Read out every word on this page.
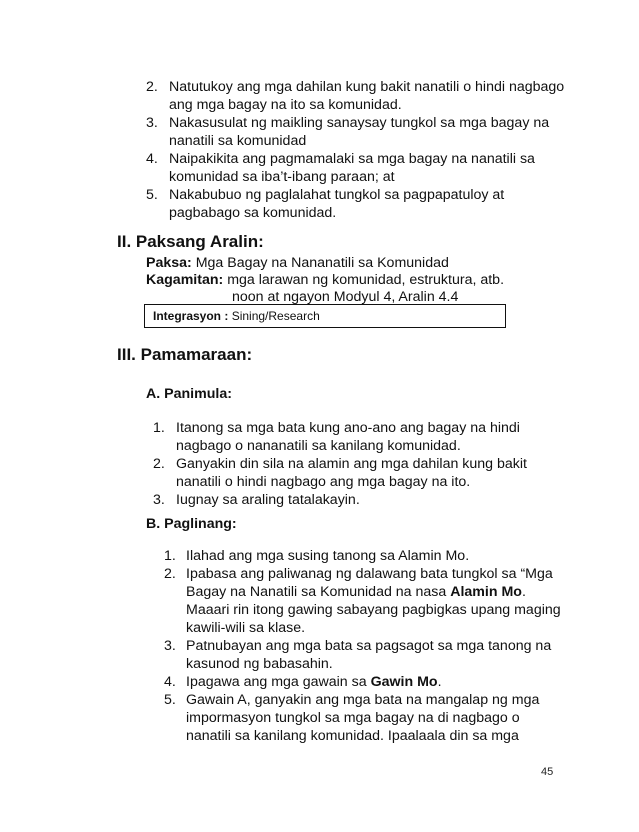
2. Natutukoy ang mga dahilan kung bakit nanatili o hindi nagbago ang mga bagay na ito sa komunidad.
3. Nakasusulat ng maikling sanaysay tungkol sa mga bagay na nanatili sa komunidad
4. Naipakikita ang pagmamalaki sa mga bagay na nanatili sa komunidad sa iba’t-ibang paraan; at
5. Nakabubuo ng paglalahat tungkol sa pagpapatuloy at pagbabago sa komunidad.
II. Paksang Aralin:
Paksa: Mga Bagay na Nananatili sa Komunidad
Kagamitan: mga larawan ng komunidad, estruktura, atb.
noon at ngayon Modyul 4, Aralin 4.4
Integrasyon : Sining/Research
III. Pamamaraan:
A. Panimula:
1. Itanong sa mga bata kung ano-ano ang bagay na hindi nagbago o nananatili sa kanilang komunidad.
2. Ganyakin din sila na alamin ang mga dahilan kung bakit nanatili o hindi nagbago ang mga bagay na ito.
3. Iugnay sa araling tatalakayin.
B. Paglinang:
1. Ilahad ang mga susing tanong sa Alamin Mo.
2. Ipabasa ang paliwanag ng dalawang bata tungkol sa “Mga Bagay na Nanatili sa Komunidad na nasa Alamin Mo. Maaari rin itong gawing sabayang pagbigkas upang maging kawili-wili sa klase.
3. Patnubayan ang mga bata sa pagsagot sa mga tanong na kasunod ng babasahin.
4. Ipagawa ang mga gawain sa Gawin Mo.
5. Gawain A, ganyakin ang mga bata na mangalap ng mga impormasyon tungkol sa mga bagay na di nagbago o nanatili sa kanilang komunidad. Ipaalaala din sa mga
45
